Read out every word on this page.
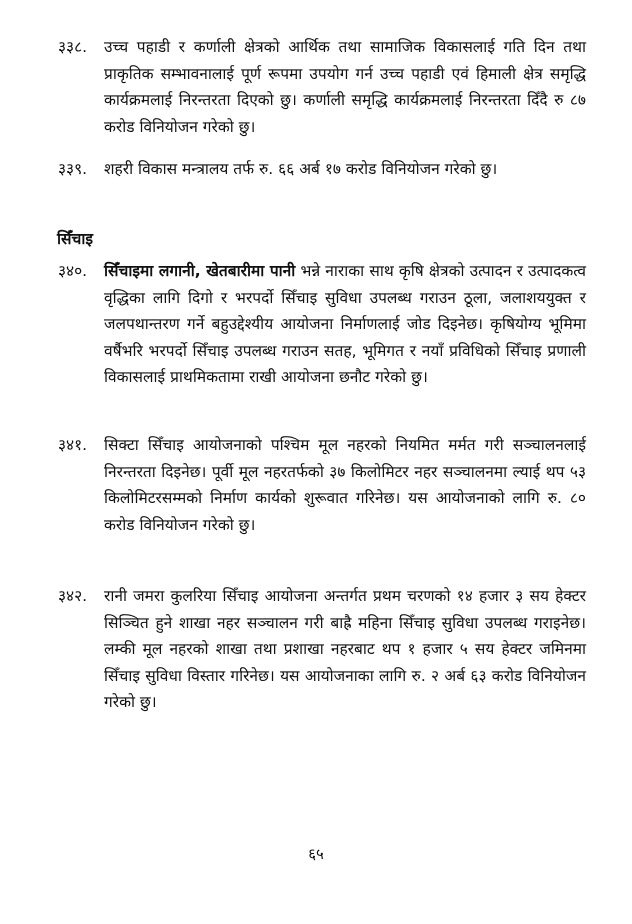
३३८. उच्च पहाडी र कर्णाली क्षेत्रको आर्थिक तथा सामाजिक विकासलाई गति दिन तथा प्राकृतिक सम्भावनालाई पूर्ण रूपमा उपयोग गर्न उच्च पहाडी एवं हिमाली क्षेत्र समृद्धि कार्यक्रमलाई निरन्तरता दिएको छु। कर्णाली समृद्धि कार्यक्रमलाई निरन्तरता दिँदै रु ८७ करोड विनियोजन गरेको छु।
३३९. शहरी विकास मन्त्रालय तर्फ रु. ६६ अर्ब १७ करोड विनियोजन गरेको छु।
सिँचाइ
३४०. सिँचाइमा लगानी, खेतबारीमा पानी भन्ने नाराका साथ कृषि क्षेत्रको उत्पादन र उत्पादकत्व वृद्धिका लागि दिगो र भरपर्दो सिँचाइ सुविधा उपलब्ध गराउन ठूला, जलाशययुक्त र जलपथान्तरण गर्ने बहुउद्देश्यीय आयोजना निर्माणलाई जोड दिइनेछ। कृषियोग्य भूमिमा वर्षैभरि भरपर्दो सिँचाइ उपलब्ध गराउन सतह, भूमिगत र नयाँ प्रविधिको सिँचाइ प्रणाली विकासलाई प्राथमिकतामा राखी आयोजना छनौट गरेको छु।
३४१. सिक्टा सिँचाइ आयोजनाको पश्चिम मूल नहरको नियमित मर्मत गरी सञ्चालनलाई निरन्तरता दिइनेछ। पूर्वी मूल नहरतर्फको ३७ किलोमिटर नहर सञ्चालनमा ल्याई थप ५३ किलोमिटरसम्मको निर्माण कार्यको शुरूवात गरिनेछ। यस आयोजनाको लागि रु. ८० करोड विनियोजन गरेको छु।
३४२. रानी जमरा कुलरिया सिँचाइ आयोजना अन्तर्गत प्रथम चरणको १४ हजार ३ सय हेक्टर सिञ्चित हुने शाखा नहर सञ्चालन गरी बाह्रै महिना सिँचाइ सुविधा उपलब्ध गराइनेछ। लम्की मूल नहरको शाखा तथा प्रशाखा नहरबाट थप १ हजार ५ सय हेक्टर जमिनमा सिँचाइ सुविधा विस्तार गरिनेछ। यस आयोजनाका लागि रु. २ अर्ब ६३ करोड विनियोजन गरेको छु।
६५
